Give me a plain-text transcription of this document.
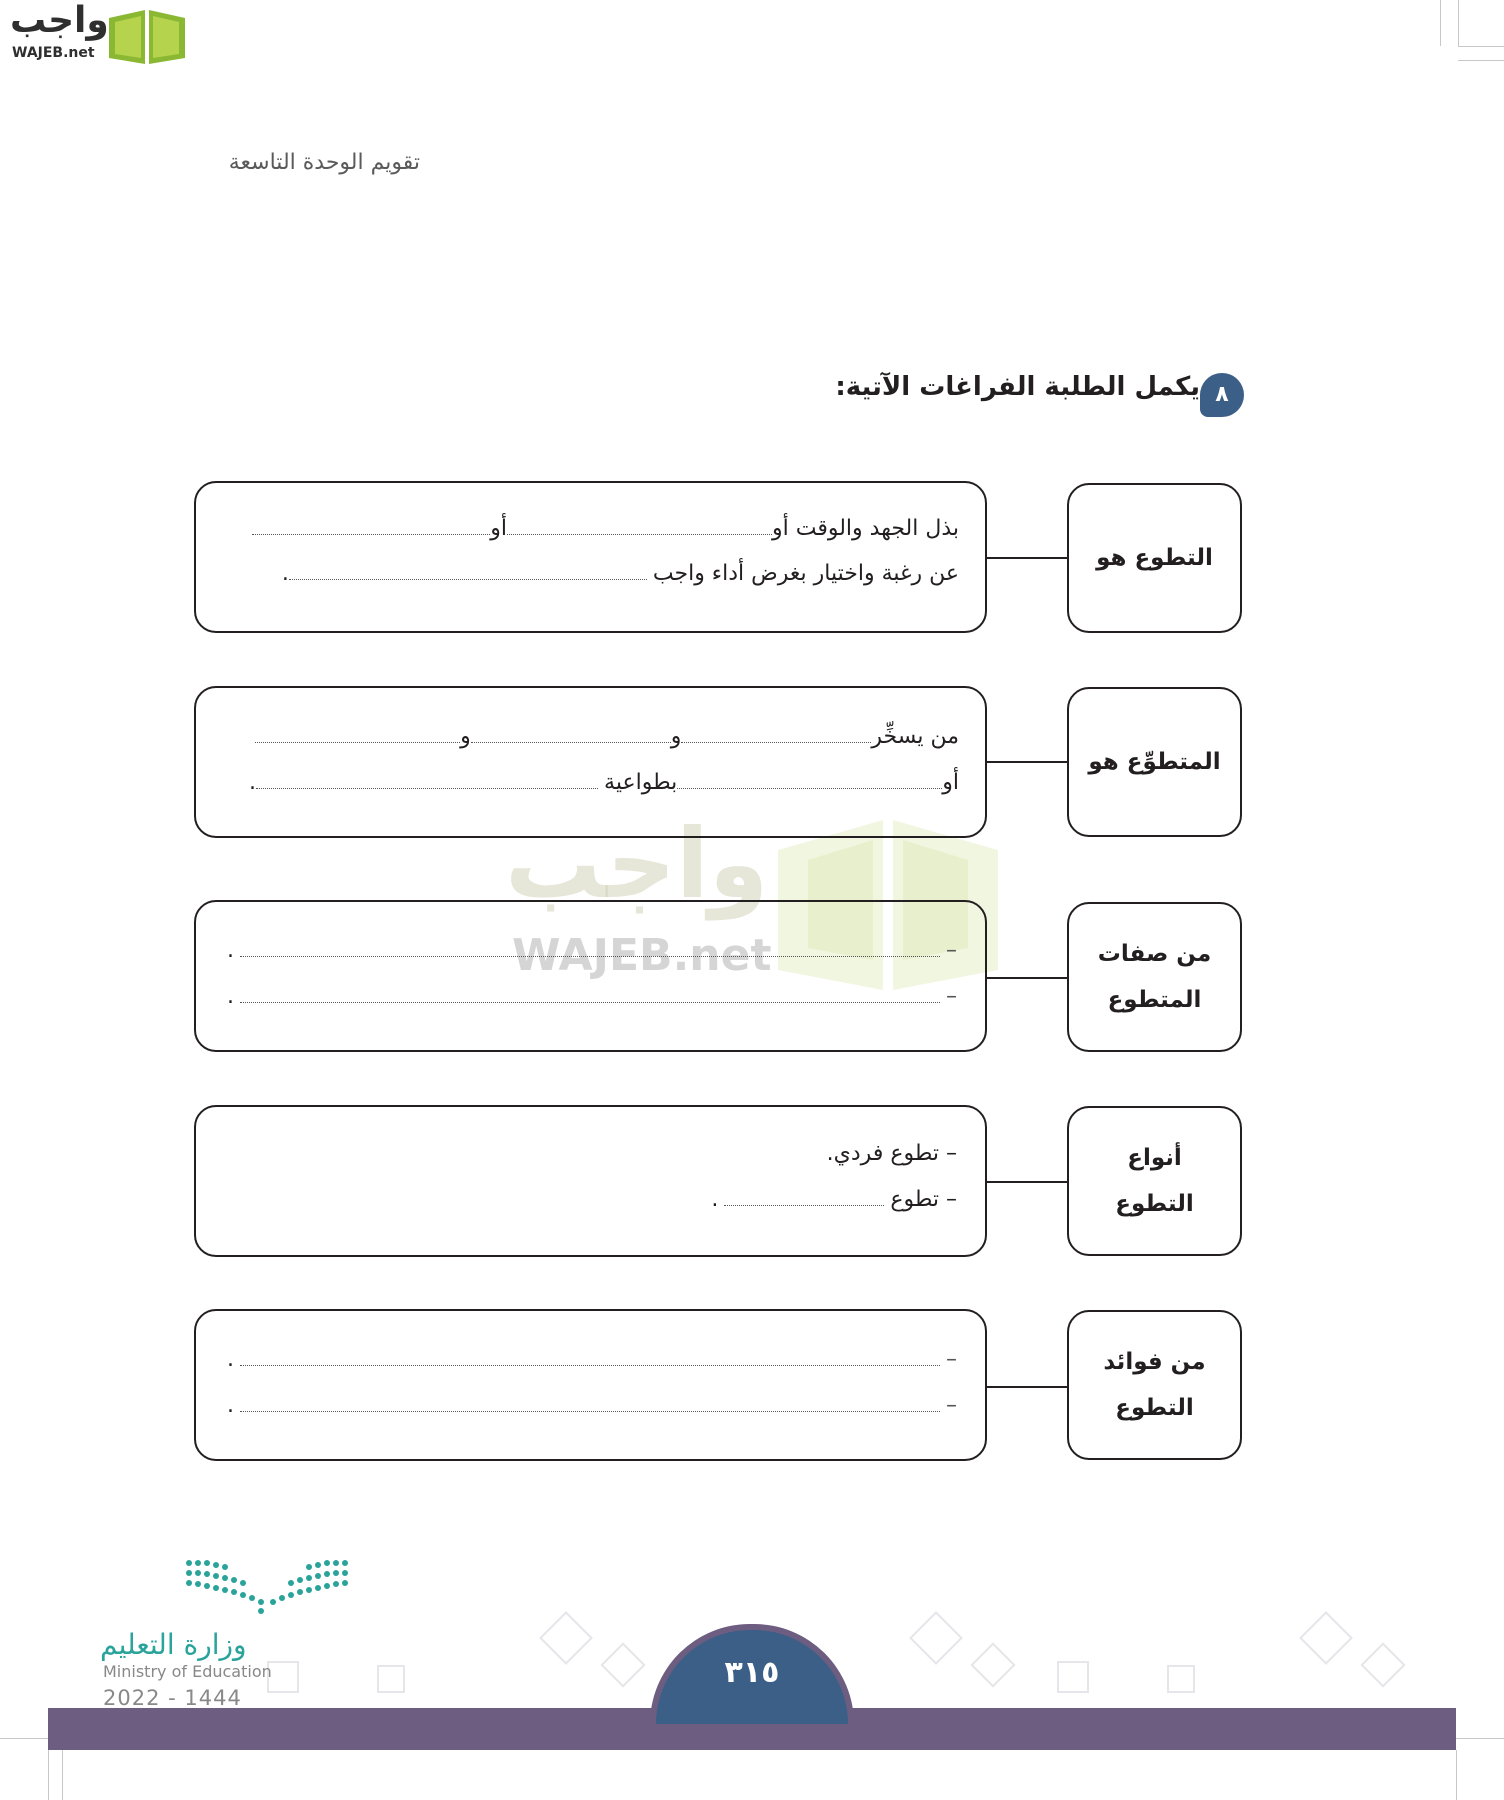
واجب
WAJEB.net
تقويم الوحدة التاسعة
يكمل الطلبة الفراغات الآتية: ٨
واجب
WAJEB.net
التطوع هو
بذل الجهد والوقت أوأو
عن رغبة واختيار بغرض أداء واجب.
المتطوِّع هو
من يسخِّروو
أوبطواعية.
من صفات
المتطوع
–.
–.
أنواع
التطوع
– تطوع فردي.
– تطوع.
من فوائد
التطوع
–.
–.
٣١٥
وزارة التعليم
Ministry of Education
2022 - 1444
